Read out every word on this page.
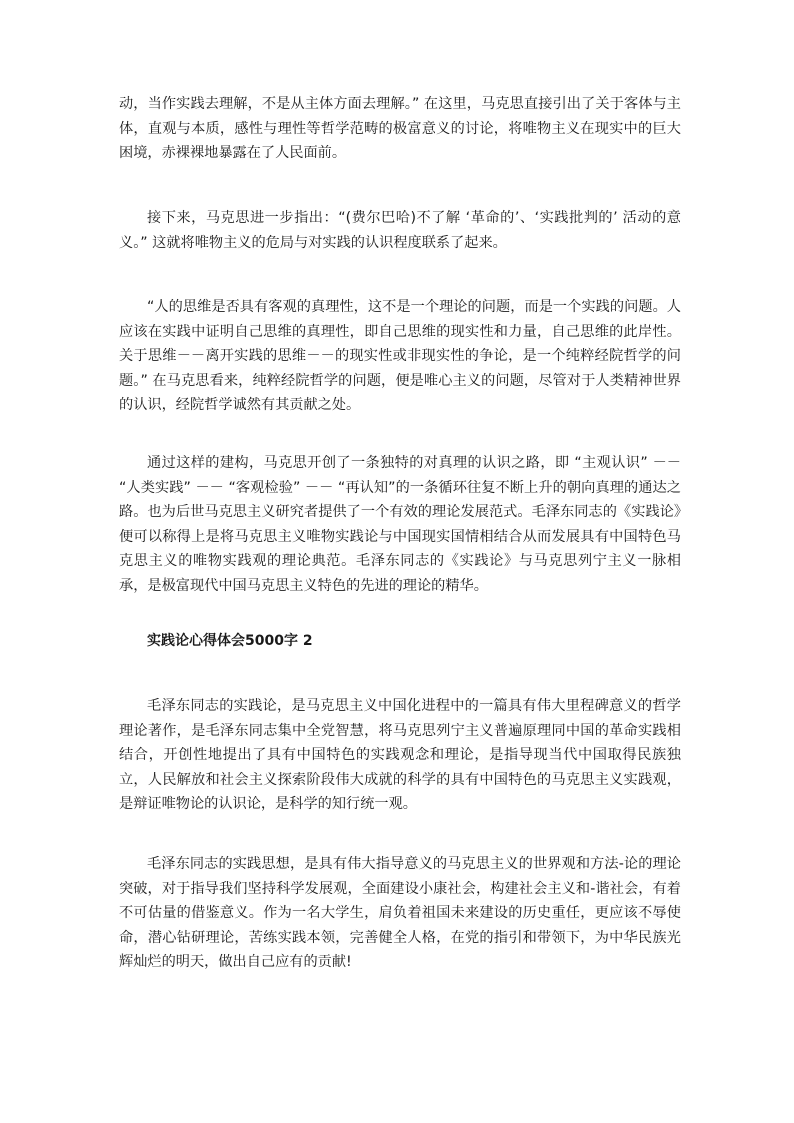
动，当作实践去理解，不是从主体方面去理解。” 在这里，马克思直接引出了关于客体与主体，直观与本质，感性与理性等哲学范畴的极富意义的讨论，将唯物主义在现实中的巨大困境，赤裸裸地暴露在了人民面前。

接下来，马克思进一步指出：“(费尔巴哈)不了解 ‘革命的’、‘实践批判的’ 活动的意义。” 这就将唯物主义的危局与对实践的认识程度联系了起来。

“人的思维是否具有客观的真理性，这不是一个理论的问题，而是一个实践的问题。人应该在实践中证明自己思维的真理性，即自己思维的现实性和力量，自己思维的此岸性。关于思维－－离开实践的思维－－的现实性或非现实性的争论，是一个纯粹经院哲学的问题。” 在马克思看来，纯粹经院哲学的问题，便是唯心主义的问题，尽管对于人类精神世界的认识，经院哲学诚然有其贡献之处。

通过这样的建构，马克思开创了一条独特的对真理的认识之路，即 “主观认识” －－ “人类实践” －－ “客观检验” －－ “再认知”的一条循环往复不断上升的朝向真理的通达之路。也为后世马克思主义研究者提供了一个有效的理论发展范式。毛泽东同志的《实践论》便可以称得上是将马克思主义唯物实践论与中国现实国情相结合从而发展具有中国特色马克思主义的唯物实践观的理论典范。毛泽东同志的《实践论》与马克思列宁主义一脉相承，是极富现代中国马克思主义特色的先进的理论的精华。

实践论心得体会5000字 2

毛泽东同志的实践论，是马克思主义中国化进程中的一篇具有伟大里程碑意义的哲学理论著作，是毛泽东同志集中全党智慧，将马克思列宁主义普遍原理同中国的革命实践相结合，开创性地提出了具有中国特色的实践观念和理论，是指导现当代中国取得民族独立，人民解放和社会主义探索阶段伟大成就的科学的具有中国特色的马克思主义实践观，是辩证唯物论的认识论，是科学的知行统一观。

毛泽东同志的实践思想，是具有伟大指导意义的马克思主义的世界观和方法-论的理论突破，对于指导我们坚持科学发展观，全面建设小康社会，构建社会主义和-谐社会，有着不可估量的借鉴意义。作为一名大学生，肩负着祖国未来建设的历史重任，更应该不辱使命，潜心钻研理论，苦练实践本领，完善健全人格，在党的指引和带领下，为中华民族光辉灿烂的明天，做出自己应有的贡献!
